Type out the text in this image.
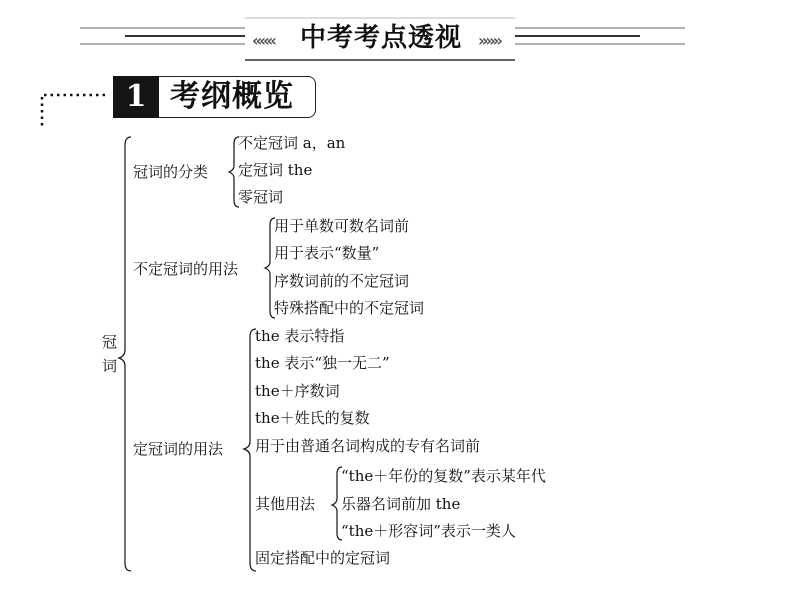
««« 中考考点透视 »»»
1 考纲概览
冠词
冠词的分类
不定冠词 a，an
定冠词 the
零冠词
不定冠词的用法
用于单数可数名词前
用于表示“数量”
序数词前的不定冠词
特殊搭配中的不定冠词
定冠词的用法
the 表示特指
the 表示“独一无二”
the＋序数词
the＋姓氏的复数
用于由普通名词构成的专有名词前
其他用法
“the＋年份的复数”表示某年代
乐器名词前加 the
“the＋形容词”表示一类人
固定搭配中的定冠词
